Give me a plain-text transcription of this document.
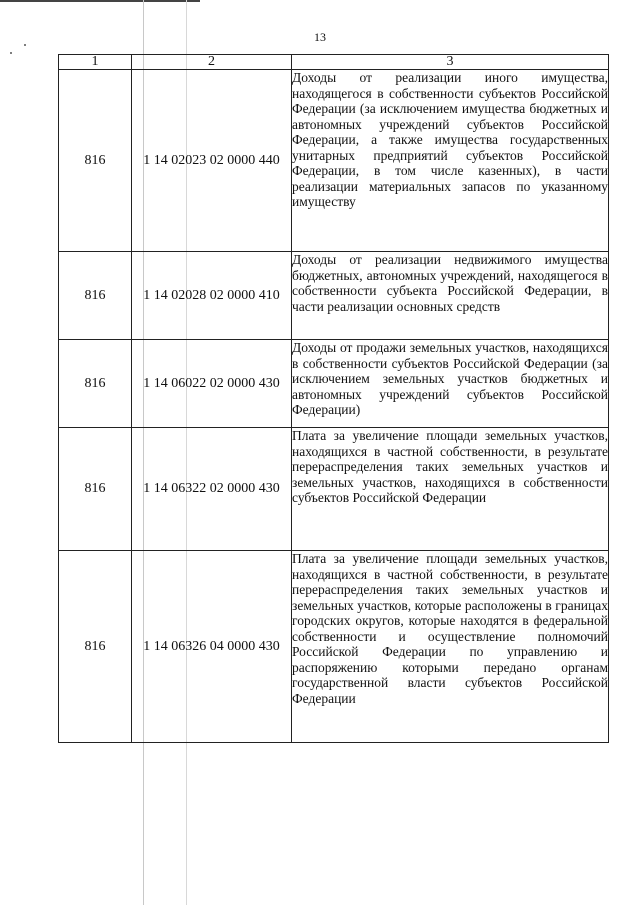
13
1	2	3
816	1 14 02023 02 0000 440	Доходы от реализации иного имущества, находящегося в собственности субъектов Российской Федерации (за исключением имущества бюджетных и автономных учреждений субъектов Российской Федерации, а также имущества государственных унитарных предприятий субъектов Российской Федерации, в том числе казенных), в части реализации материальных запасов по указанному имуществу
816	1 14 02028 02 0000 410	Доходы от реализации недвижимого имущества бюджетных, автономных учреждений, находящегося в собственности субъекта Российской Федерации, в части реализации основных средств
816	1 14 06022 02 0000 430	Доходы от продажи земельных участков, находящихся в собственности субъектов Российской Федерации (за исключением земельных участков бюджетных и автономных учреждений субъектов Российской Федерации)
816	1 14 06322 02 0000 430	Плата за увеличение площади земельных участков, находящихся в частной собственности, в результате перераспределения таких земельных участков и земельных участков, находящихся в собственности субъектов Российской Федерации
816	1 14 06326 04 0000 430	Плата за увеличение площади земельных участков, находящихся в частной собственности, в результате перераспределения таких земельных участков и земельных участков, которые расположены в границах городских округов, которые находятся в федеральной собственности и осуществление полномочий Российской Федерации по управлению и распоряжению которыми передано органам государственной власти субъектов Российской Федерации
